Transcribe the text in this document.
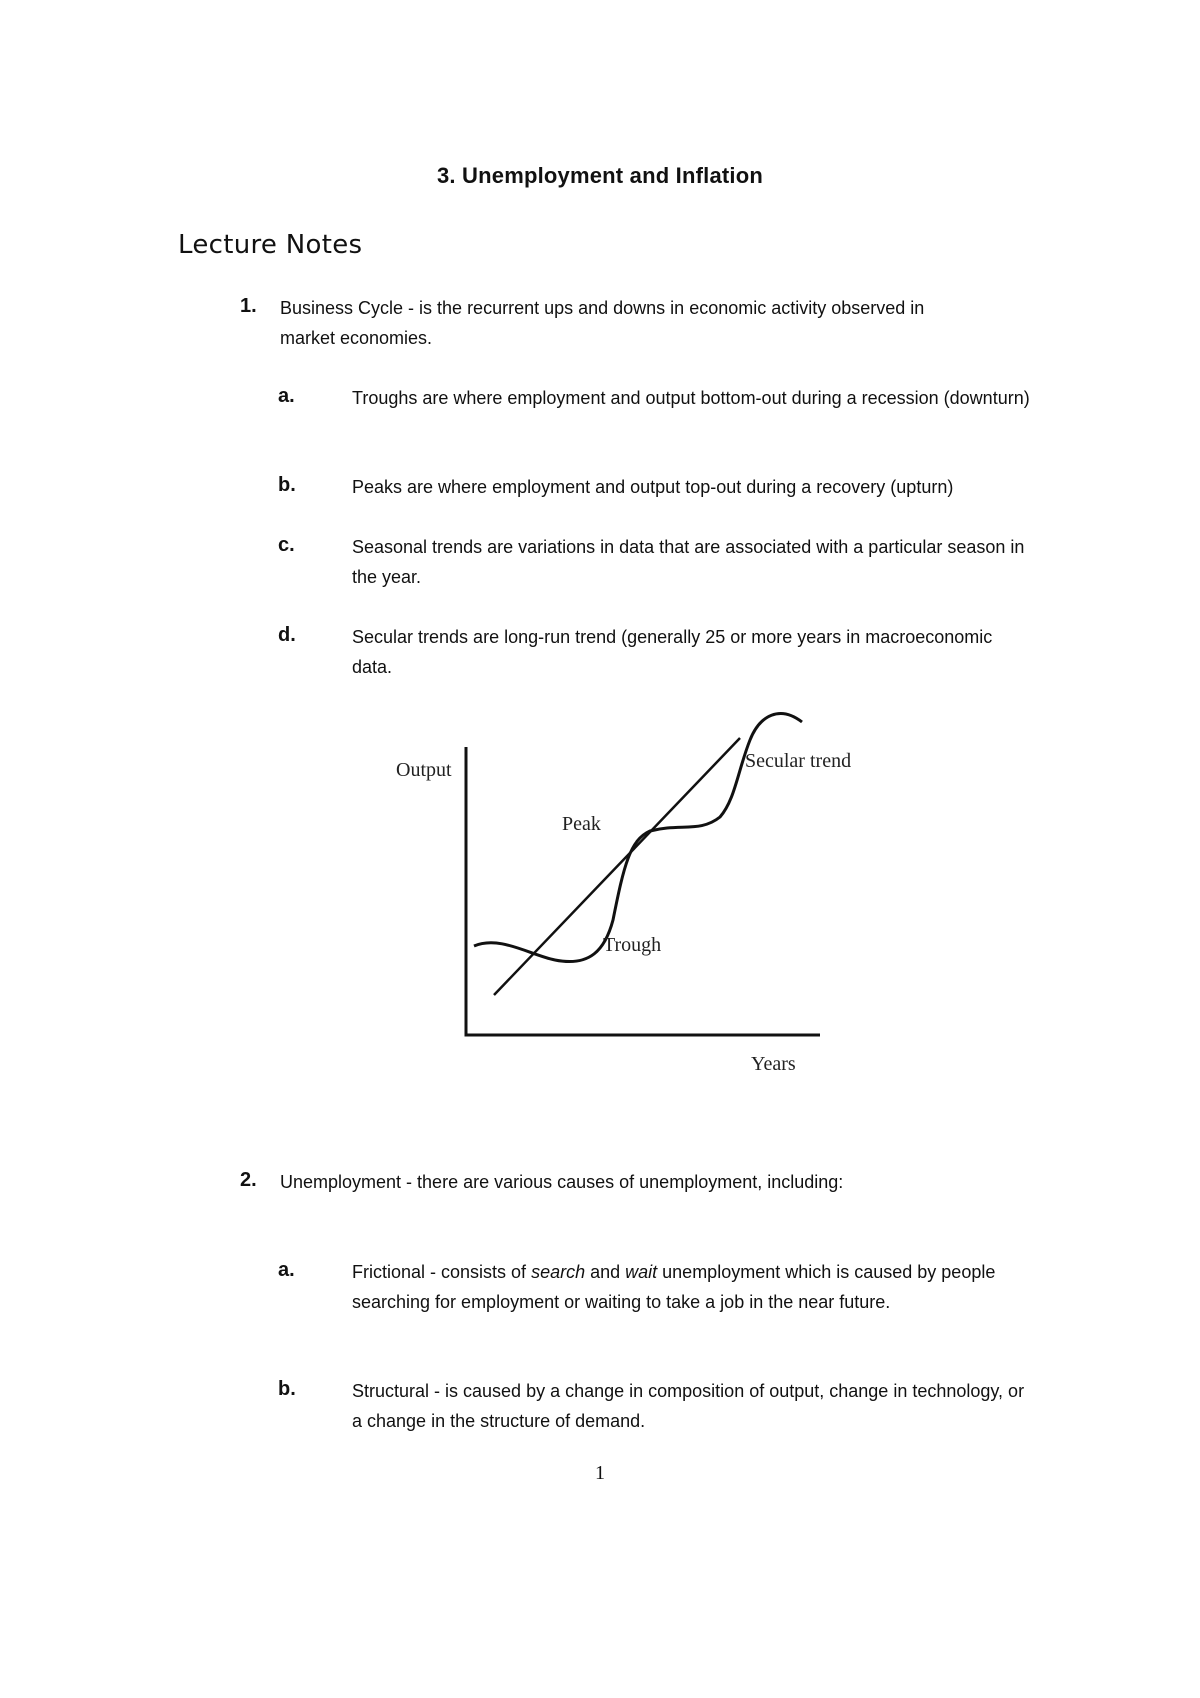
3. Unemployment and Inflation
Lecture Notes
1. Business Cycle - is the recurrent ups and downs in economic activity observed in market economies.
a.	Troughs are where employment and output bottom-out during a recession (downturn)
b.	Peaks are where employment and output top-out during a recovery (upturn)
c.	Seasonal trends are variations in data that are associated with a particular season in the year.
d.	Secular trends are long-run trend (generally 25 or more years in macroeconomic data.
Output
Peak
Trough
Secular trend
Years
2. Unemployment - there are various causes of unemployment, including:
a.	Frictional - consists of search and wait unemployment which is caused by people searching for employment or waiting to take a job in the near future.
b.	Structural - is caused by a change in composition of output, change in technology, or a change in the structure of demand.
1
